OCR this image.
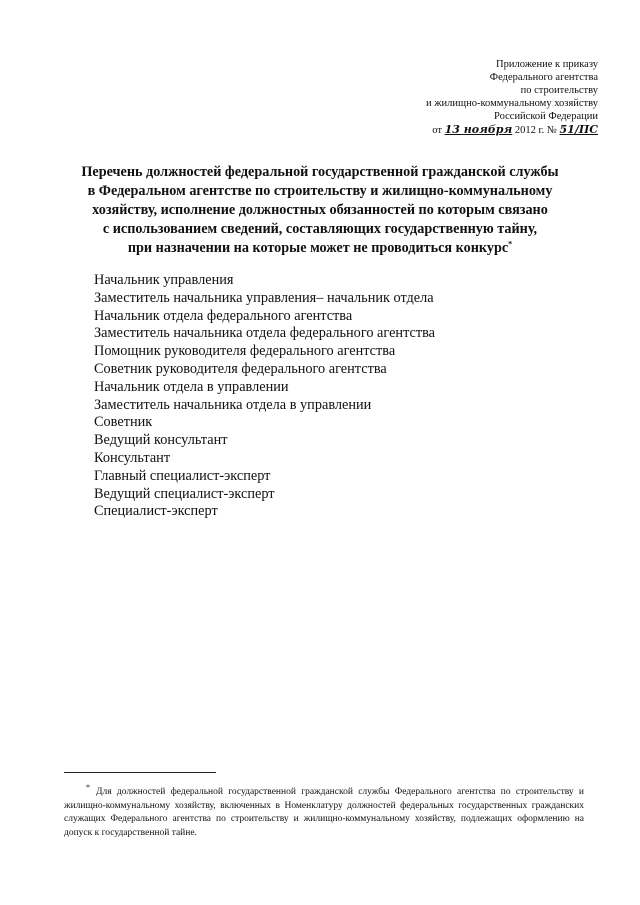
Приложение к приказу
Федерального агентства
по строительству
и жилищно-коммунальному хозяйству
Российской Федерации
от 13 ноября 2012 г. № 51/ПС
Перечень должностей федеральной государственной гражданской службы
в Федеральном агентстве по строительству и жилищно-коммунальному
хозяйству, исполнение должностных обязанностей по которым связано
с использованием сведений, составляющих государственную тайну,
при назначении на которые может не проводиться конкурс*
Начальник управления
Заместитель начальника управления– начальник отдела
Начальник отдела федерального агентства
Заместитель начальника отдела федерального агентства
Помощник руководителя федерального агентства
Советник руководителя федерального агентства
Начальник отдела в управлении
Заместитель начальника отдела в управлении
Советник
Ведущий консультант
Консультант
Главный специалист-эксперт
Ведущий специалист-эксперт
Специалист-эксперт
* Для должностей федеральной государственной гражданской службы Федерального агентства по строительству и жилищно-коммунальному хозяйству, включенных в Номенклатуру должностей федеральных государственных гражданских служащих Федерального агентства по строительству и жилищно-коммунальному хозяйству, подлежащих оформлению на допуск к государственной тайне.
